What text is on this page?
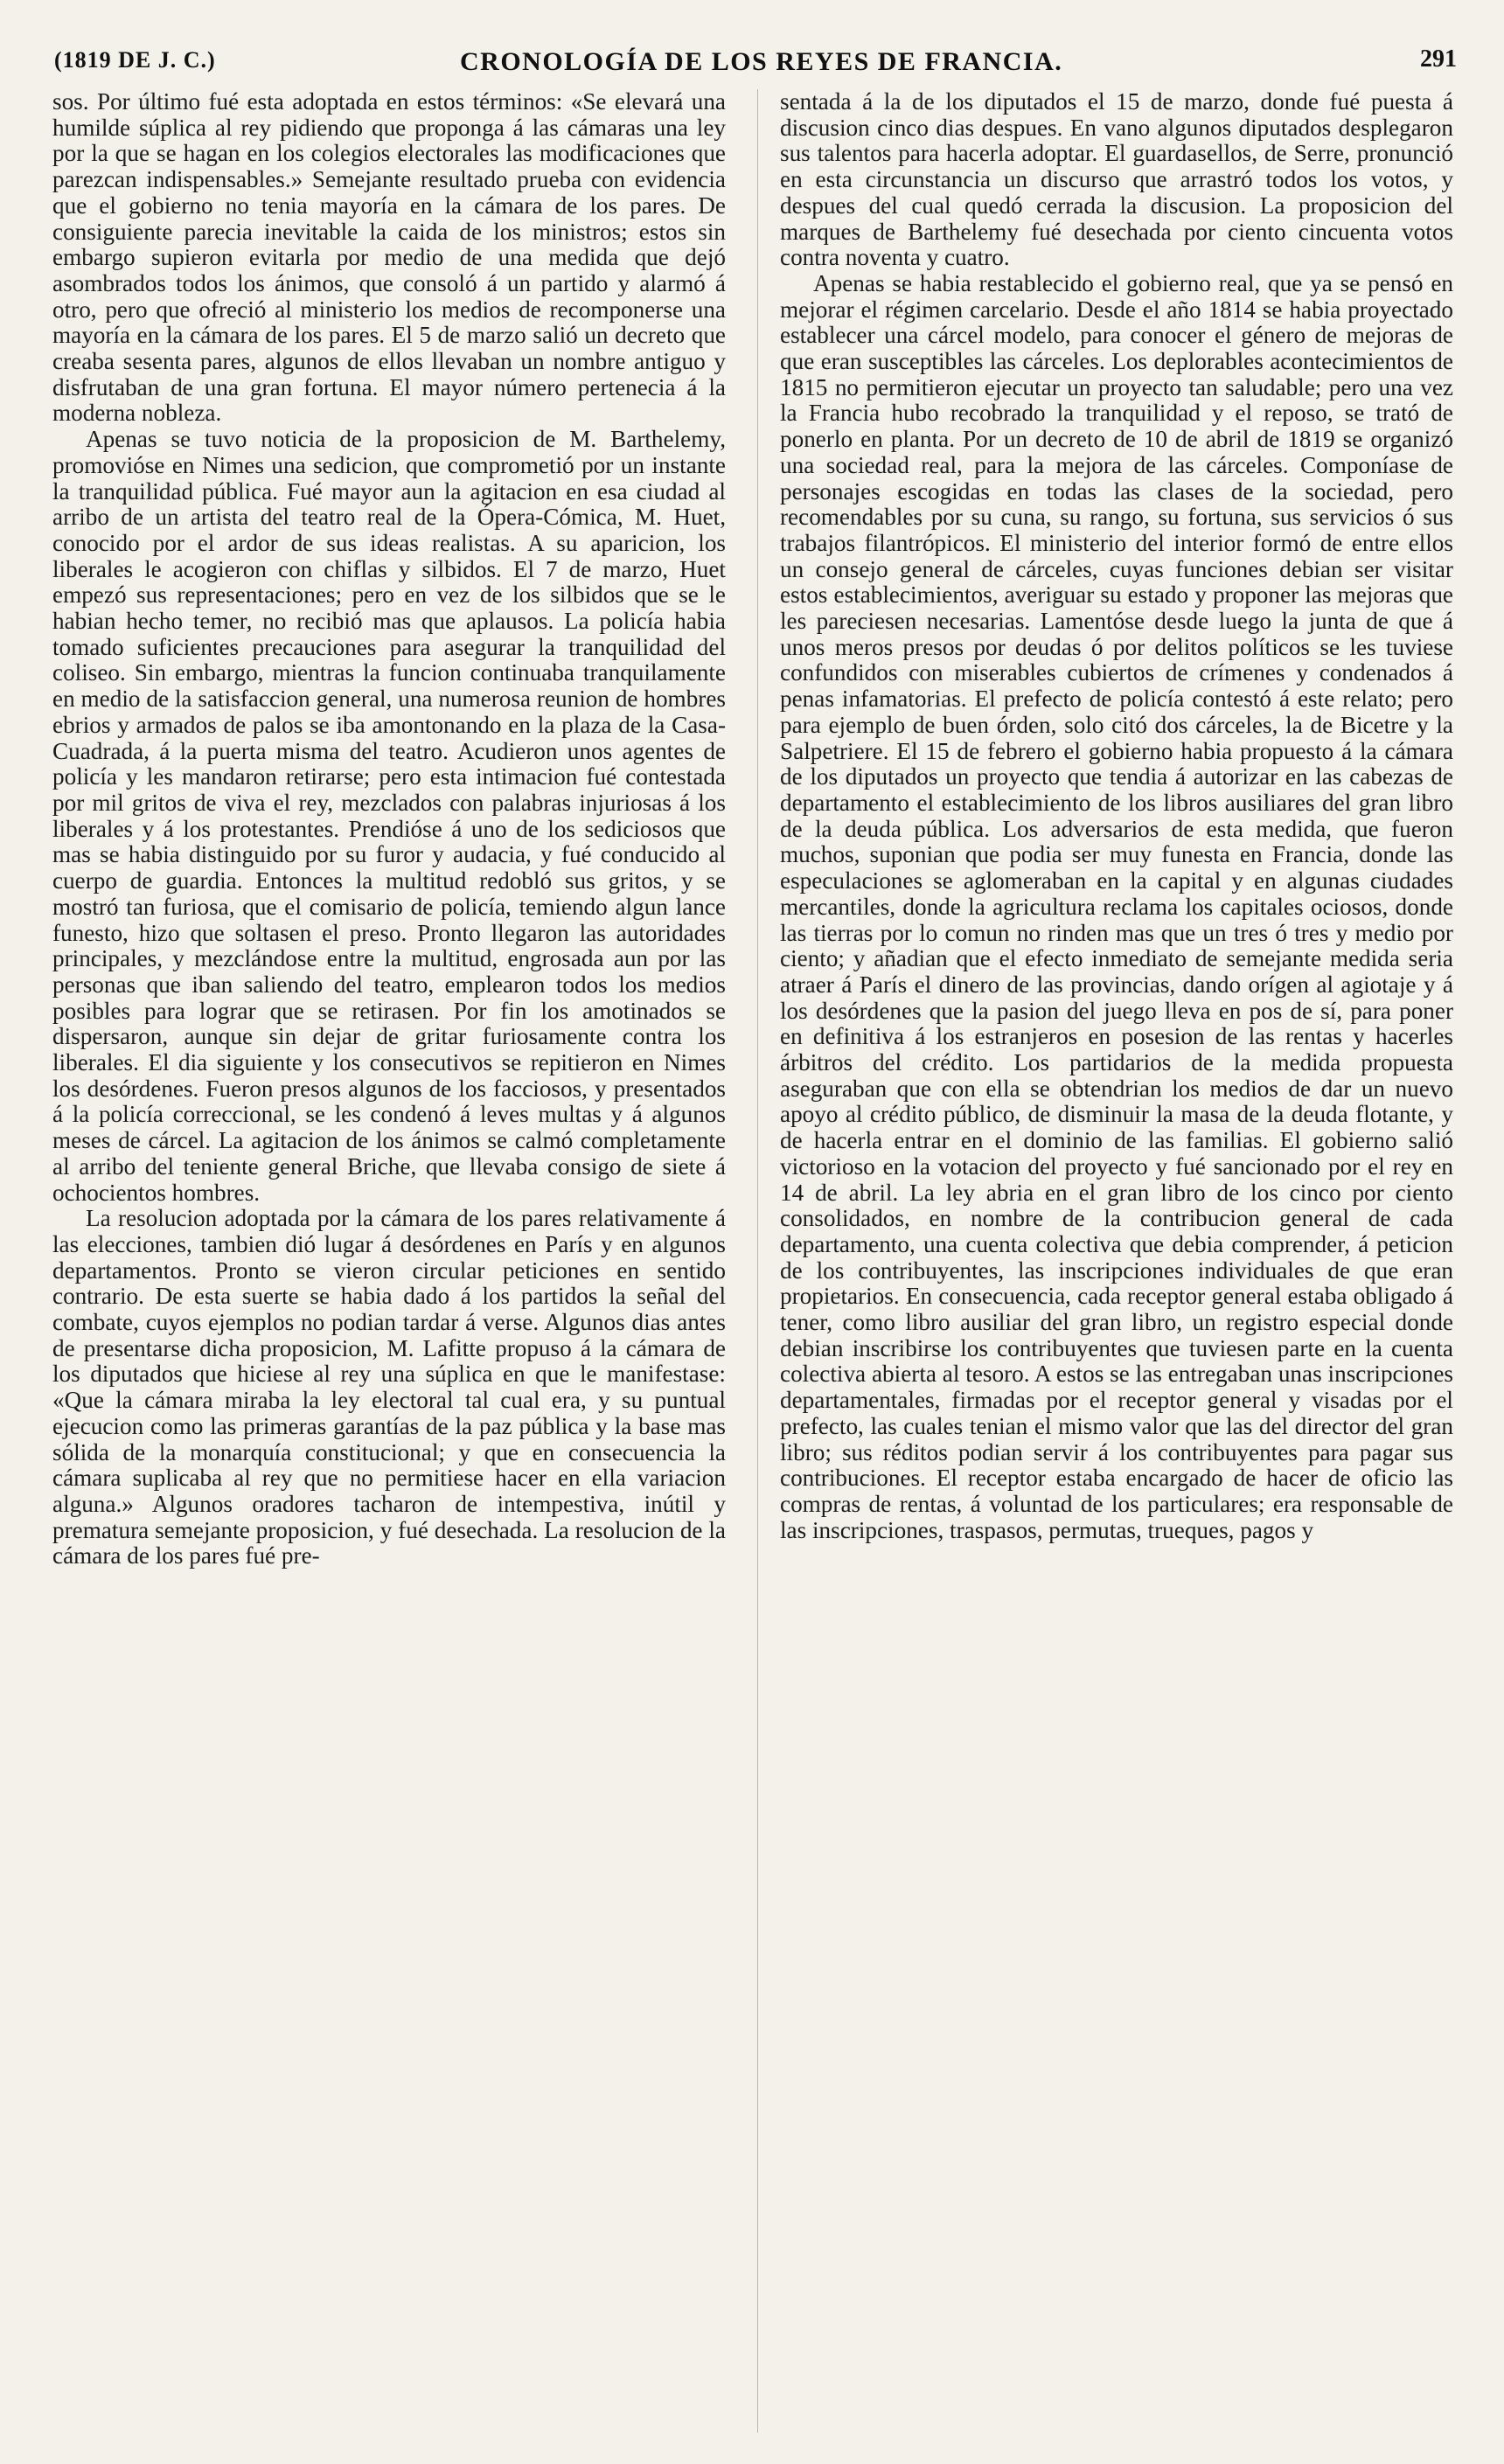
(1819 DE J. C.)	CRONOLOGÍA DE LOS REYES DE FRANCIA.	291

sos. Por último fué esta adoptada en estos términos: «Se elevará una humilde súplica al rey pidiendo que proponga á las cámaras una ley por la que se hagan en los colegios electorales las modificaciones que parezcan indispensables.» Semejante resultado prueba con evidencia que el gobierno no tenia mayoría en la cámara de los pares. De consiguiente parecia inevitable la caida de los ministros; estos sin embargo supieron evitarla por medio de una medida que dejó asombrados todos los ánimos, que consoló á un partido y alarmó á otro, pero que ofreció al ministerio los medios de recomponerse una mayoría en la cámara de los pares. El 5 de marzo salió un decreto que creaba sesenta pares, algunos de ellos llevaban un nombre antiguo y disfrutaban de una gran fortuna. El mayor número pertenecia á la moderna nobleza.

Apenas se tuvo noticia de la proposicion de M. Barthelemy, promovióse en Nimes una sedicion, que comprometió por un instante la tranquilidad pública. Fué mayor aun la agitacion en esa ciudad al arribo de un artista del teatro real de la Ópera-Cómica, M. Huet, conocido por el ardor de sus ideas realistas. A su aparicion, los liberales le acogieron con chiflas y silbidos. El 7 de marzo, Huet empezó sus representaciones; pero en vez de los silbidos que se le habian hecho temer, no recibió mas que aplausos. La policía habia tomado suficientes precauciones para asegurar la tranquilidad del coliseo. Sin embargo, mientras la funcion continuaba tranquilamente en medio de la satisfaccion general, una numerosa reunion de hombres ebrios y armados de palos se iba amontonando en la plaza de la Casa-Cuadrada, á la puerta misma del teatro. Acudieron unos agentes de policía y les mandaron retirarse; pero esta intimacion fué contestada por mil gritos de viva el rey, mezclados con palabras injuriosas á los liberales y á los protestantes. Prendióse á uno de los sediciosos que mas se habia distinguido por su furor y audacia, y fué conducido al cuerpo de guardia. Entonces la multitud redobló sus gritos, y se mostró tan furiosa, que el comisario de policía, temiendo algun lance funesto, hizo que soltasen el preso. Pronto llegaron las autoridades principales, y mezclándose entre la multitud, engrosada aun por las personas que iban saliendo del teatro, emplearon todos los medios posibles para lograr que se retirasen. Por fin los amotinados se dispersaron, aunque sin dejar de gritar furiosamente contra los liberales. El dia siguiente y los consecutivos se repitieron en Nimes los desórdenes. Fueron presos algunos de los facciosos, y presentados á la policía correccional, se les condenó á leves multas y á algunos meses de cárcel. La agitacion de los ánimos se calmó completamente al arribo del teniente general Briche, que llevaba consigo de siete á ochocientos hombres.

La resolucion adoptada por la cámara de los pares relativamente á las elecciones, tambien dió lugar á desórdenes en París y en algunos departamentos. Pronto se vieron circular peticiones en sentido contrario. De esta suerte se habia dado á los partidos la señal del combate, cuyos ejemplos no podian tardar á verse. Algunos dias antes de presentarse dicha proposicion, M. Lafitte propuso á la cámara de los diputados que hiciese al rey una súplica en que le manifestase: «Que la cámara miraba la ley electoral tal cual era, y su puntual ejecucion como las primeras garantías de la paz pública y la base mas sólida de la monarquía constitucional; y que en consecuencia la cámara suplicaba al rey que no permitiese hacer en ella variacion alguna.» Algunos oradores tacharon de intempestiva, inútil y prematura semejante proposicion, y fué desechada. La resolucion de la cámara de los pares fué pre-

sentada á la de los diputados el 15 de marzo, donde fué puesta á discusion cinco dias despues. En vano algunos diputados desplegaron sus talentos para hacerla adoptar. El guardasellos, de Serre, pronunció en esta circunstancia un discurso que arrastró todos los votos, y despues del cual quedó cerrada la discusion. La proposicion del marques de Barthelemy fué desechada por ciento cincuenta votos contra noventa y cuatro.

Apenas se habia restablecido el gobierno real, que ya se pensó en mejorar el régimen carcelario. Desde el año 1814 se habia proyectado establecer una cárcel modelo, para conocer el género de mejoras de que eran susceptibles las cárceles. Los deplorables acontecimientos de 1815 no permitieron ejecutar un proyecto tan saludable; pero una vez la Francia hubo recobrado la tranquilidad y el reposo, se trató de ponerlo en planta. Por un decreto de 10 de abril de 1819 se organizó una sociedad real, para la mejora de las cárceles. Componíase de personajes escogidas en todas las clases de la sociedad, pero recomendables por su cuna, su rango, su fortuna, sus servicios ó sus trabajos filantrópicos. El ministerio del interior formó de entre ellos un consejo general de cárceles, cuyas funciones debian ser visitar estos establecimientos, averiguar su estado y proponer las mejoras que les pareciesen necesarias. Lamentóse desde luego la junta de que á unos meros presos por deudas ó por delitos políticos se les tuviese confundidos con miserables cubiertos de crímenes y condenados á penas infamatorias. El prefecto de policía contestó á este relato; pero para ejemplo de buen órden, solo citó dos cárceles, la de Bicetre y la Salpetriere. El 15 de febrero el gobierno habia propuesto á la cámara de los diputados un proyecto que tendia á autorizar en las cabezas de departamento el establecimiento de los libros ausiliares del gran libro de la deuda pública. Los adversarios de esta medida, que fueron muchos, suponian que podia ser muy funesta en Francia, donde las especulaciones se aglomeraban en la capital y en algunas ciudades mercantiles, donde la agricultura reclama los capitales ociosos, donde las tierras por lo comun no rinden mas que un tres ó tres y medio por ciento; y añadian que el efecto inmediato de semejante medida seria atraer á París el dinero de las provincias, dando orígen al agiotaje y á los desórdenes que la pasion del juego lleva en pos de sí, para poner en definitiva á los estranjeros en posesion de las rentas y hacerles árbitros del crédito. Los partidarios de la medida propuesta aseguraban que con ella se obtendrian los medios de dar un nuevo apoyo al crédito público, de disminuir la masa de la deuda flotante, y de hacerla entrar en el dominio de las familias. El gobierno salió victorioso en la votacion del proyecto y fué sancionado por el rey en 14 de abril. La ley abria en el gran libro de los cinco por ciento consolidados, en nombre de la contribucion general de cada departamento, una cuenta colectiva que debia comprender, á peticion de los contribuyentes, las inscripciones individuales de que eran propietarios. En consecuencia, cada receptor general estaba obligado á tener, como libro ausiliar del gran libro, un registro especial donde debian inscribirse los contribuyentes que tuviesen parte en la cuenta colectiva abierta al tesoro. A estos se las entregaban unas inscripciones departamentales, firmadas por el receptor general y visadas por el prefecto, las cuales tenian el mismo valor que las del director del gran libro; sus réditos podian servir á los contribuyentes para pagar sus contribuciones. El receptor estaba encargado de hacer de oficio las compras de rentas, á voluntad de los particulares; era responsable de las inscripciones, traspasos, permutas, trueques, pagos y
